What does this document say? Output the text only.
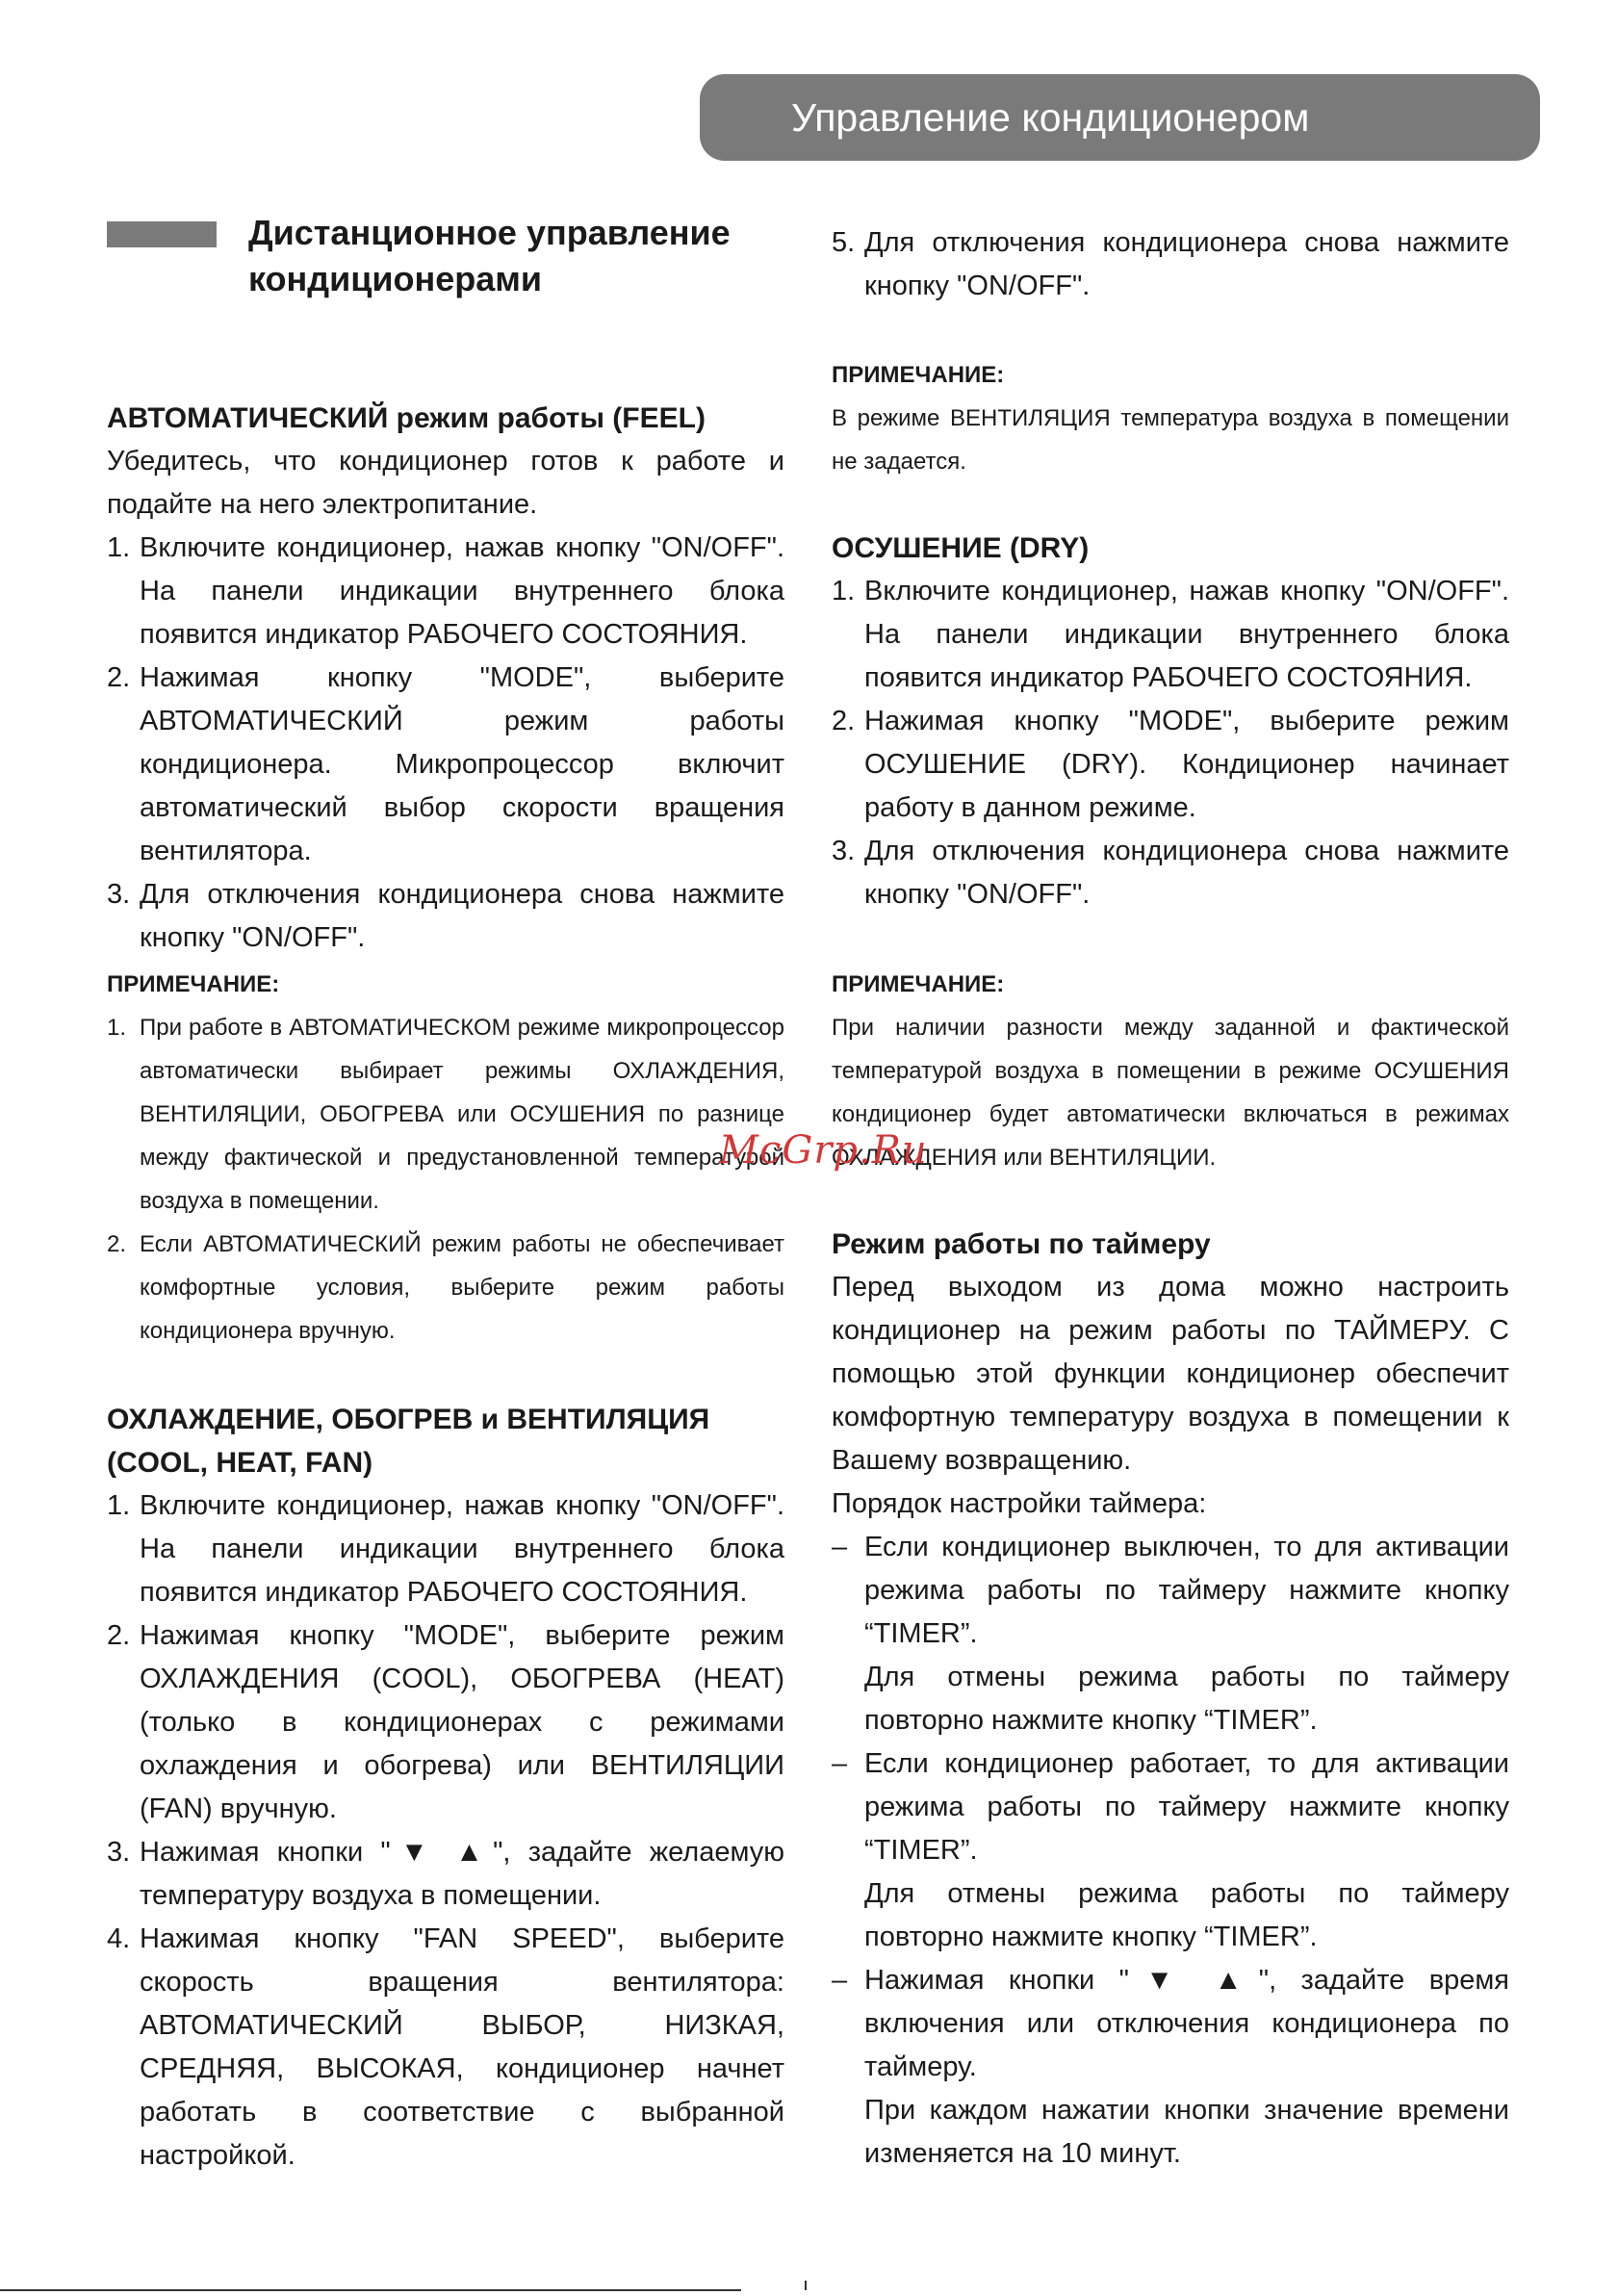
Управление кондиционером
Дистанционное управление
кондиционерами

АВТОМАТИЧЕСКИЙ режим работы (FEEL)

Убедитесь, что кондиционер готов к работе и подайте на него электропитание.

1. Включите кондиционер, нажав кнопку "ON/OFF". На панели индикации внутреннего блока появится индикатор РАБОЧЕГО СОСТОЯНИЯ.
2. Нажимая кнопку "MODE", выберите АВТОМАТИЧЕСКИЙ режим работы кондиционера. Микропроцессор включит автоматический выбор скорости вращения вентилятора.
3. Для отключения кондиционера снова нажмите кнопку "ON/OFF".

ПРИМЕЧАНИЕ:

1. При работе в АВТОМАТИЧЕСКОМ режиме микропроцессор автоматически выбирает режимы ОХЛАЖДЕНИЯ, ВЕНТИЛЯЦИИ, ОБОГРЕВА или ОСУШЕНИЯ по разнице между фактической и предустановленной температурой воздуха в помещении.
2. Если АВТОМАТИЧЕСКИЙ режим работы не обеспечивает комфортные условия, выберите режим работы кондиционера вручную.

ОХЛАЖДЕНИЕ, ОБОГРЕВ и ВЕНТИЛЯЦИЯ (COOL, HEAT, FAN)

1. Включите кондиционер, нажав кнопку "ON/OFF". На панели индикации внутреннего блока появится индикатор РАБОЧЕГО СОСТОЯНИЯ.
2. Нажимая кнопку "MODE", выберите режим ОХЛАЖДЕНИЯ (COOL), ОБОГРЕВА (HEAT) (только в кондиционерах с режимами охлаждения и обогрева) или ВЕНТИЛЯЦИИ (FAN) вручную.
3. Нажимая кнопки "▼ ▲", задайте желаемую температуру воздуха в помещении.
4. Нажимая кнопку "FAN SPEED", выберите скорость вращения вентилятора: АВТОМАТИЧЕСКИЙ ВЫБОР, НИЗКАЯ, СРЕДНЯЯ, ВЫСОКАЯ, кондиционер начнет работать в соответствие с выбранной настройкой.
5. Для отключения кондиционера снова нажмите кнопку "ON/OFF".

ПРИМЕЧАНИЕ:

В режиме ВЕНТИЛЯЦИЯ температура воздуха в помещении не задается.

ОСУШЕНИЕ (DRY)

1. Включите кондиционер, нажав кнопку "ON/OFF". На панели индикации внутреннего блока появится индикатор РАБОЧЕГО СОСТОЯНИЯ.
2. Нажимая кнопку "MODE", выберите режим ОСУШЕНИЕ (DRY). Кондиционер начинает работу в данном режиме.
3. Для отключения кондиционера снова нажмите кнопку "ON/OFF".

ПРИМЕЧАНИЕ:

При наличии разности между заданной и фактической температурой воздуха в помещении в режиме ОСУШЕНИЯ кондиционер будет автоматически включаться в режимах ОХЛАЖДЕНИЯ или ВЕНТИЛЯЦИИ.

Режим работы по таймеру

Перед выходом из дома можно настроить кондиционер на режим работы по ТАЙМЕРУ. С помощью этой функции кондиционер обеспечит комфортную температуру воздуха в помещении к Вашему возвращению.

Порядок настройки таймера:

– Если кондиционер выключен, то для активации режима работы по таймеру нажмите кнопку “TIMER”.

Для отмены режима работы по таймеру повторно нажмите кнопку “TIMER”.

– Если кондиционер работает, то для активации режима работы по таймеру нажмите кнопку “TIMER”.

Для отмены режима работы по таймеру повторно нажмите кнопку “TIMER”.

– Нажимая кнопки "▼ ▲", задайте время включения или отключения кондиционера по таймеру.

При каждом нажатии кнопки значение времени изменяется на 10 минут.

McGrp.Ru
